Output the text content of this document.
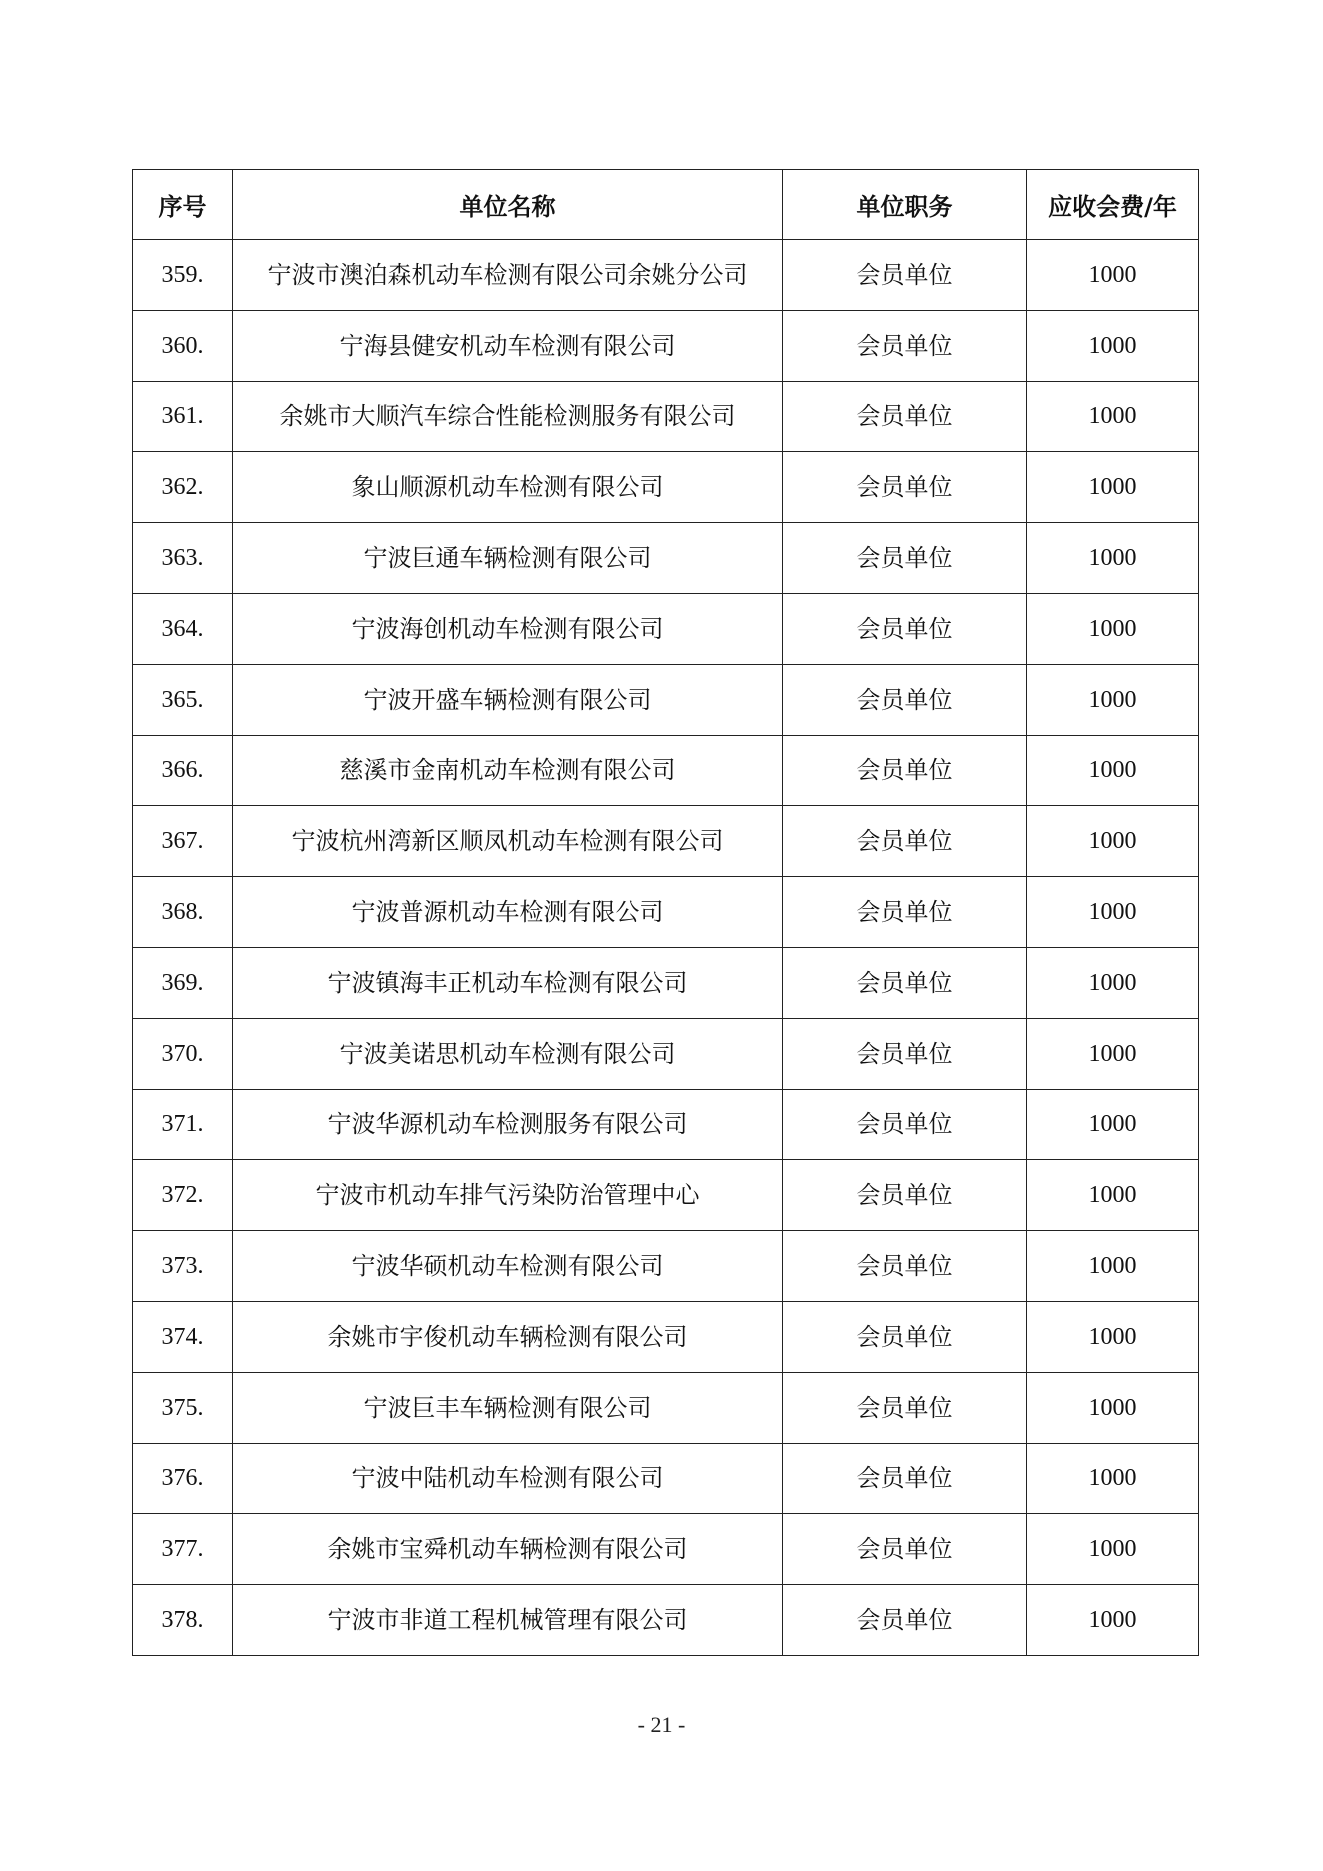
序号	单位名称	单位职务	应收会费/年
359.	宁波市澳泊森机动车检测有限公司余姚分公司	会员单位	1000
360.	宁海县健安机动车检测有限公司	会员单位	1000
361.	余姚市大顺汽车综合性能检测服务有限公司	会员单位	1000
362.	象山顺源机动车检测有限公司	会员单位	1000
363.	宁波巨通车辆检测有限公司	会员单位	1000
364.	宁波海创机动车检测有限公司	会员单位	1000
365.	宁波开盛车辆检测有限公司	会员单位	1000
366.	慈溪市金南机动车检测有限公司	会员单位	1000
367.	宁波杭州湾新区顺凤机动车检测有限公司	会员单位	1000
368.	宁波普源机动车检测有限公司	会员单位	1000
369.	宁波镇海丰正机动车检测有限公司	会员单位	1000
370.	宁波美诺思机动车检测有限公司	会员单位	1000
371.	宁波华源机动车检测服务有限公司	会员单位	1000
372.	宁波市机动车排气污染防治管理中心	会员单位	1000
373.	宁波华硕机动车检测有限公司	会员单位	1000
374.	余姚市宇俊机动车辆检测有限公司	会员单位	1000
375.	宁波巨丰车辆检测有限公司	会员单位	1000
376.	宁波中陆机动车检测有限公司	会员单位	1000
377.	余姚市宝舜机动车辆检测有限公司	会员单位	1000
378.	宁波市非道工程机械管理有限公司	会员单位	1000
- 21 -
